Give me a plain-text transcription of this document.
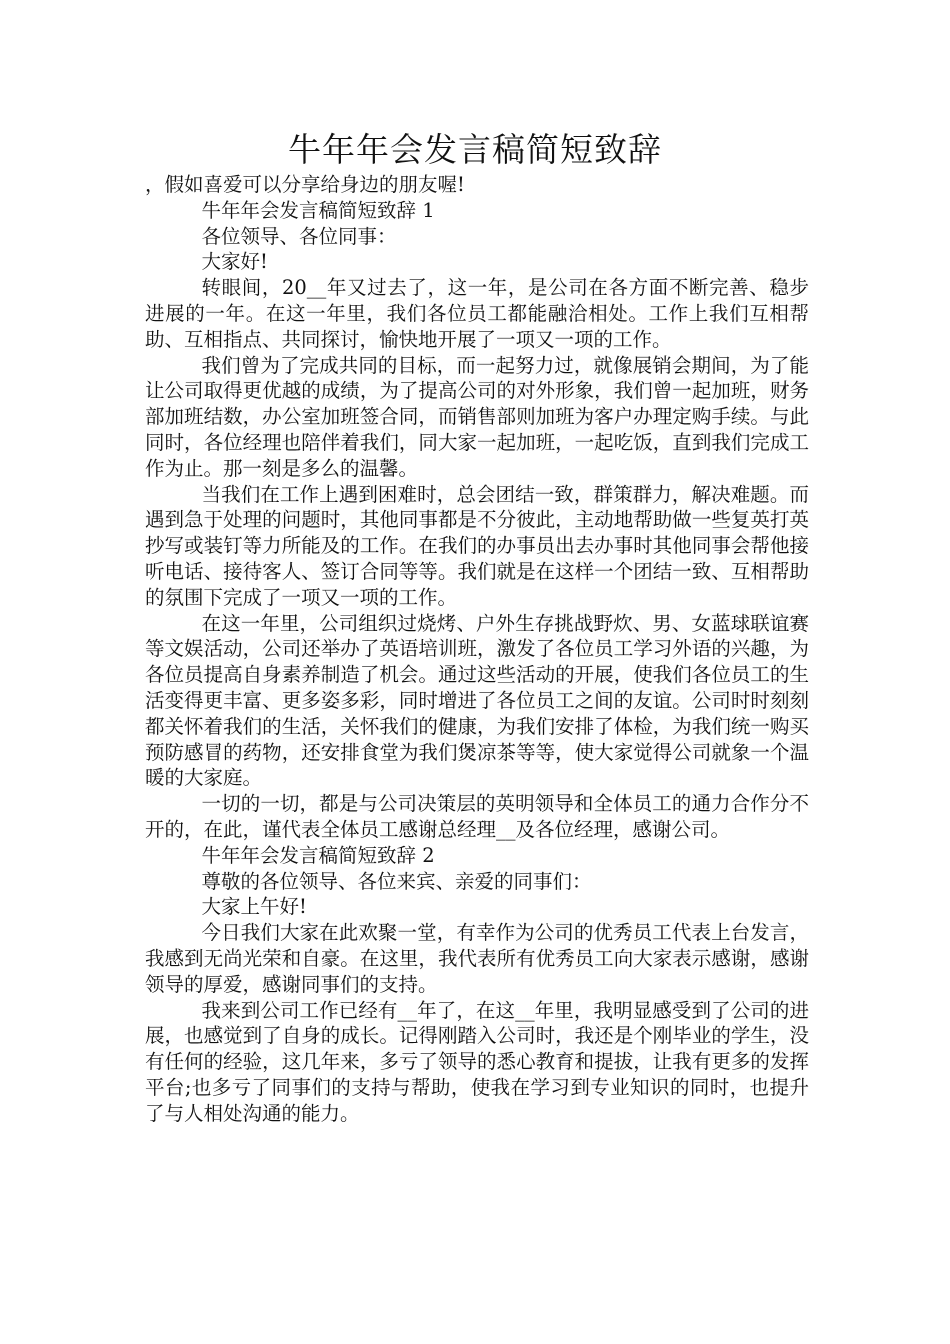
牛年年会发言稿简短致辞

，假如喜爱可以分享给身边的朋友喔!

牛年年会发言稿简短致辞 1

各位领导、各位同事：

大家好!

转眼间，20__年又过去了，这一年，是公司在各方面不断完善、稳步进展的一年。在这一年里，我们各位员工都能融洽相处。工作上我们互相帮助、互相指点、共同探讨，愉快地开展了一项又一项的工作。

我们曾为了完成共同的目标，而一起努力过，就像展销会期间，为了能让公司取得更优越的成绩，为了提高公司的对外形象，我们曾一起加班，财务部加班结数，办公室加班签合同，而销售部则加班为客户办理定购手续。与此同时，各位经理也陪伴着我们，同大家一起加班，一起吃饭，直到我们完成工作为止。那一刻是多么的温馨。

当我们在工作上遇到困难时，总会团结一致，群策群力，解决难题。而遇到急于处理的问题时，其他同事都是不分彼此，主动地帮助做一些复英打英抄写或装钉等力所能及的工作。在我们的办事员出去办事时其他同事会帮他接听电话、接待客人、签订合同等等。我们就是在这样一个团结一致、互相帮助的氛围下完成了一项又一项的工作。

在这一年里，公司组织过烧烤、户外生存挑战野炊、男、女蓝球联谊赛等文娱活动，公司还举办了英语培训班，激发了各位员工学习外语的兴趣，为各位员提高自身素养制造了机会。通过这些活动的开展，使我们各位员工的生活变得更丰富、更多姿多彩，同时增进了各位员工之间的友谊。公司时时刻刻都关怀着我们的生活，关怀我们的健康，为我们安排了体检，为我们统一购买预防感冒的药物，还安排食堂为我们煲凉茶等等，使大家觉得公司就象一个温暖的大家庭。

一切的一切，都是与公司决策层的英明领导和全体员工的通力合作分不开的，在此，谨代表全体员工感谢总经理__及各位经理，感谢公司。

牛年年会发言稿简短致辞 2

尊敬的各位领导、各位来宾、亲爱的同事们：

大家上午好!

今日我们大家在此欢聚一堂，有幸作为公司的优秀员工代表上台发言，我感到无尚光荣和自豪。在这里，我代表所有优秀员工向大家表示感谢，感谢领导的厚爱，感谢同事们的支持。

我来到公司工作已经有__年了，在这__年里，我明显感受到了公司的进展，也感觉到了自身的成长。记得刚踏入公司时，我还是个刚毕业的学生，没有任何的经验，这几年来，多亏了领导的悉心教育和提拔，让我有更多的发挥平台;也多亏了同事们的支持与帮助，使我在学习到专业知识的同时，也提升了与人相处沟通的能力。
